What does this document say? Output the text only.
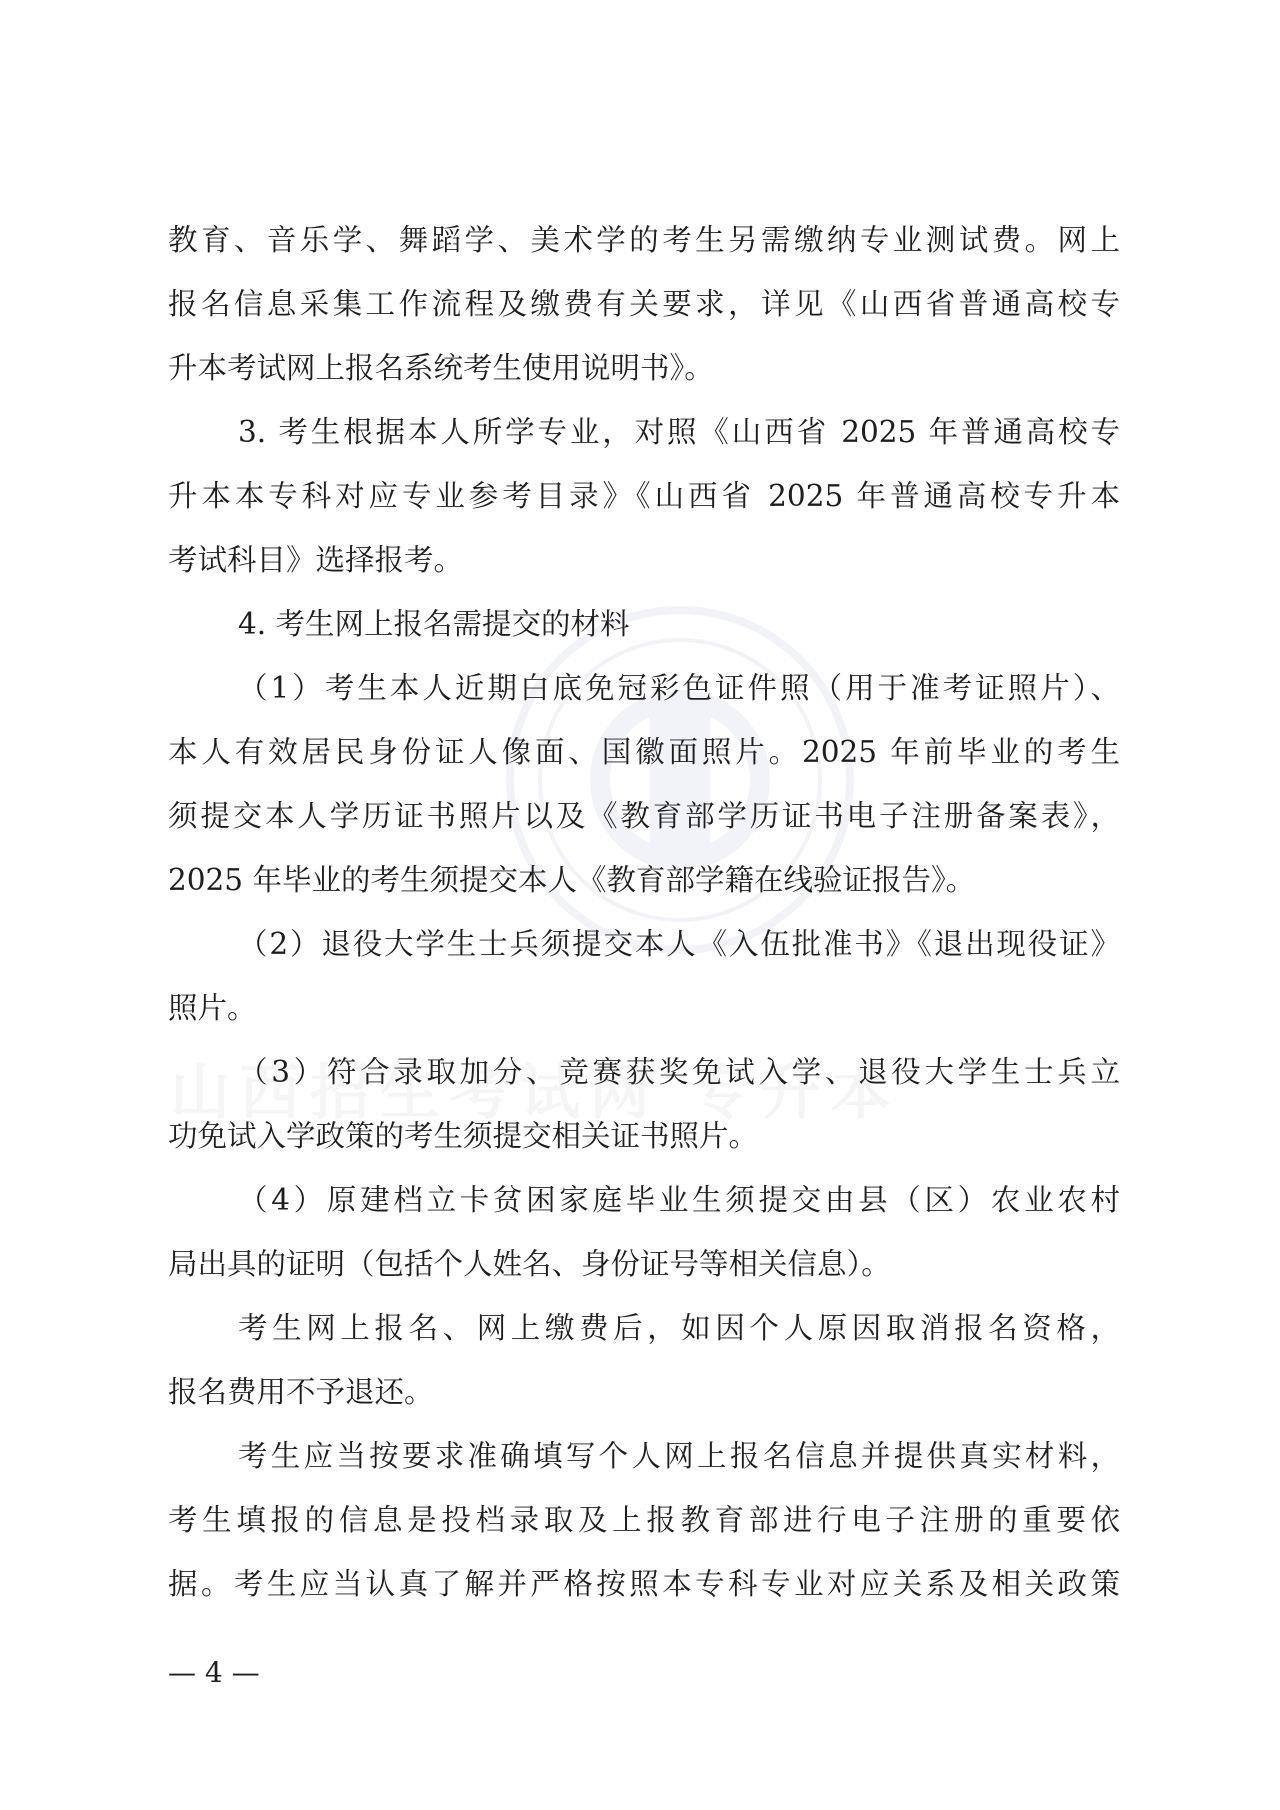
教育、音乐学、舞蹈学、美术学的考生另需缴纳专业测试费。网上
报名信息采集工作流程及缴费有关要求，详见《山西省普通高校专
升本考试网上报名系统考生使用说明书》。
3. 考生根据本人所学专业，对照《山西省 2025 年普通高校专
升本本专科对应专业参考目录》《山西省 2025 年普通高校专升本
考试科目》选择报考。
4. 考生网上报名需提交的材料
（1）考生本人近期白底免冠彩色证件照（用于准考证照片）、
本人有效居民身份证人像面、国徽面照片。2025 年前毕业的考生
须提交本人学历证书照片以及《教育部学历证书电子注册备案表》，
2025 年毕业的考生须提交本人《教育部学籍在线验证报告》。
（2）退役大学生士兵须提交本人《入伍批准书》《退出现役证》
照片。
（3）符合录取加分、竞赛获奖免试入学、退役大学生士兵立
功免试入学政策的考生须提交相关证书照片。
（4）原建档立卡贫困家庭毕业生须提交由县（区）农业农村
局出具的证明（包括个人姓名、身份证号等相关信息）。
考生网上报名、网上缴费后，如因个人原因取消报名资格，
报名费用不予退还。
考生应当按要求准确填写个人网上报名信息并提供真实材料，
考生填报的信息是投档录取及上报教育部进行电子注册的重要依
据。考生应当认真了解并严格按照本专科专业对应关系及相关政策
— 4 —
